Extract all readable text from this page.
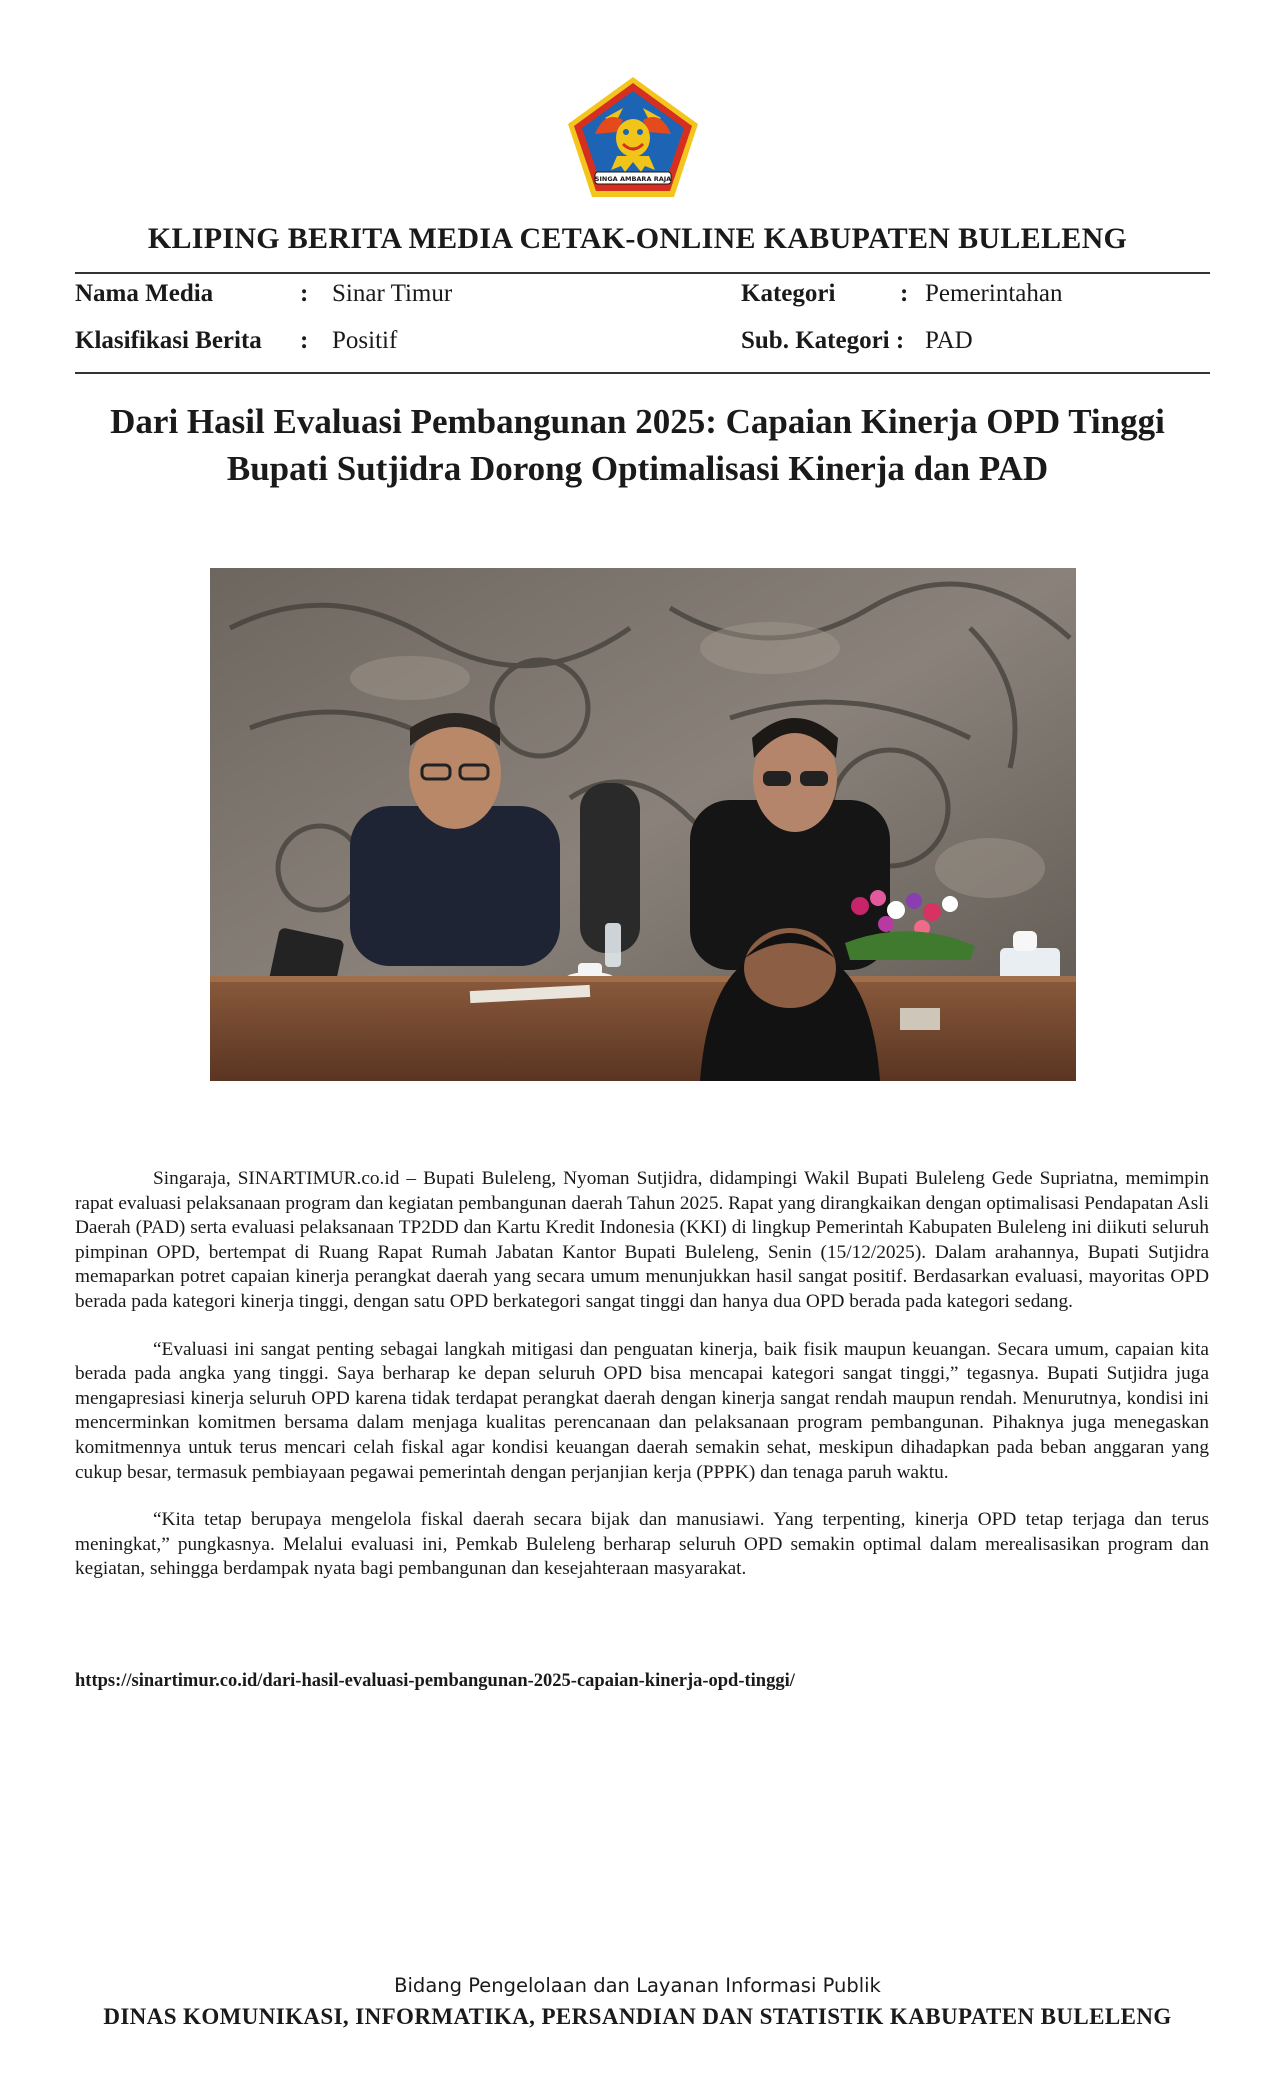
SINGA AMBARA RAJA
KLIPING BERITA MEDIA CETAK-ONLINE KABUPATEN BULELENG
Nama Media	: Sinar Timur
Klasifikasi Berita : Positif
Kategori	: Pemerintahan
Sub. Kategori : PAD
Dari Hasil Evaluasi Pembangunan 2025: Capaian Kinerja OPD Tinggi
Bupati Sutjidra Dorong Optimalisasi Kinerja dan PAD

Singaraja, SINARTIMUR.co.id – Bupati Buleleng, Nyoman Sutjidra, didampingi Wakil Bupati Buleleng Gede Supriatna, memimpin rapat evaluasi pelaksanaan program dan kegiatan pembangunan daerah Tahun 2025. Rapat yang dirangkaikan dengan optimalisasi Pendapatan Asli Daerah (PAD) serta evaluasi pelaksanaan TP2DD dan Kartu Kredit Indonesia (KKI) di lingkup Pemerintah Kabupaten Buleleng ini diikuti seluruh pimpinan OPD, bertempat di Ruang Rapat Rumah Jabatan Kantor Bupati Buleleng, Senin (15/12/2025). Dalam arahannya, Bupati Sutjidra memaparkan potret capaian kinerja perangkat daerah yang secara umum menunjukkan hasil sangat positif. Berdasarkan evaluasi, mayoritas OPD berada pada kategori kinerja tinggi, dengan satu OPD berkategori sangat tinggi dan hanya dua OPD berada pada kategori sedang.

“Evaluasi ini sangat penting sebagai langkah mitigasi dan penguatan kinerja, baik fisik maupun keuangan. Secara umum, capaian kita berada pada angka yang tinggi. Saya berharap ke depan seluruh OPD bisa mencapai kategori sangat tinggi,” tegasnya. Bupati Sutjidra juga mengapresiasi kinerja seluruh OPD karena tidak terdapat perangkat daerah dengan kinerja sangat rendah maupun rendah. Menurutnya, kondisi ini mencerminkan komitmen bersama dalam menjaga kualitas perencanaan dan pelaksanaan program pembangunan. Pihaknya juga menegaskan komitmennya untuk terus mencari celah fiskal agar kondisi keuangan daerah semakin sehat, meskipun dihadapkan pada beban anggaran yang cukup besar, termasuk pembiayaan pegawai pemerintah dengan perjanjian kerja (PPPK) dan tenaga paruh waktu.

“Kita tetap berupaya mengelola fiskal daerah secara bijak dan manusiawi. Yang terpenting, kinerja OPD tetap terjaga dan terus meningkat,” pungkasnya. Melalui evaluasi ini, Pemkab Buleleng berharap seluruh OPD semakin optimal dalam merealisasikan program dan kegiatan, sehingga berdampak nyata bagi pembangunan dan kesejahteraan masyarakat.

https://sinartimur.co.id/dari-hasil-evaluasi-pembangunan-2025-capaian-kinerja-opd-tinggi/
Bidang Pengelolaan dan Layanan Informasi Publik
DINAS KOMUNIKASI, INFORMATIKA, PERSANDIAN DAN STATISTIK KABUPATEN BULELENG
